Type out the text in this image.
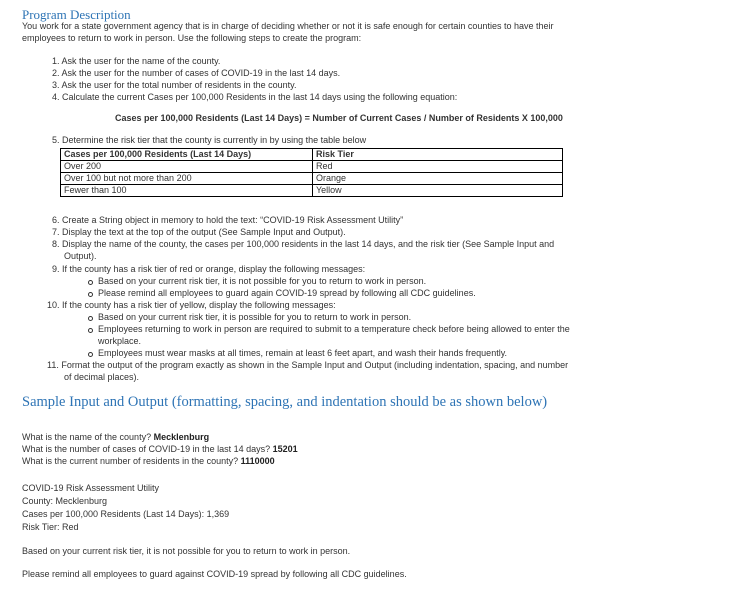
Program Description
You work for a state government agency that is in charge of deciding whether or not it is safe enough for certain counties to have their
employees to return to work in person. Use the following steps to create the program:
1. Ask the user for the name of the county.
2. Ask the user for the number of cases of COVID-19 in the last 14 days.
3. Ask the user for the total number of residents in the county.
4. Calculate the current Cases per 100,000 Residents in the last 14 days using the following equation:
Cases per 100,000 Residents (Last 14 Days) = Number of Current Cases / Number of Residents X 100,000
5. Determine the risk tier that the county is currently in by using the table below
Cases per 100,000 Residents (Last 14 Days)	Risk Tier
Over 200	Red
Over 100 but not more than 200	Orange
Fewer than 100	Yellow
6. Create a String object in memory to hold the text: “COVID-19 Risk Assessment Utility”
7. Display the text at the top of the output (See Sample Input and Output).
8. Display the name of the county, the cases per 100,000 residents in the last 14 days, and the risk tier (See Sample Input and
Output).
9. If the county has a risk tier of red or orange, display the following messages:
Based on your current risk tier, it is not possible for you to return to work in person.
Please remind all employees to guard again COVID-19 spread by following all CDC guidelines.
10. If the county has a risk tier of yellow, display the following messages:
Based on your current risk tier, it is possible for you to return to work in person.
Employees returning to work in person are required to submit to a temperature check before being allowed to enter the
workplace.
Employees must wear masks at all times, remain at least 6 feet apart, and wash their hands frequently.
11. Format the output of the program exactly as shown in the Sample Input and Output (including indentation, spacing, and number
of decimal places).
Sample Input and Output (formatting, spacing, and indentation should be as shown below)
What is the name of the county? Mecklenburg
What is the number of cases of COVID-19 in the last 14 days? 15201
What is the current number of residents in the county? 1110000
COVID-19 Risk Assessment Utility
County: Mecklenburg
Cases per 100,000 Residents (Last 14 Days): 1,369
Risk Tier: Red
Based on your current risk tier, it is not possible for you to return to work in person.
Please remind all employees to guard against COVID-19 spread by following all CDC guidelines.
